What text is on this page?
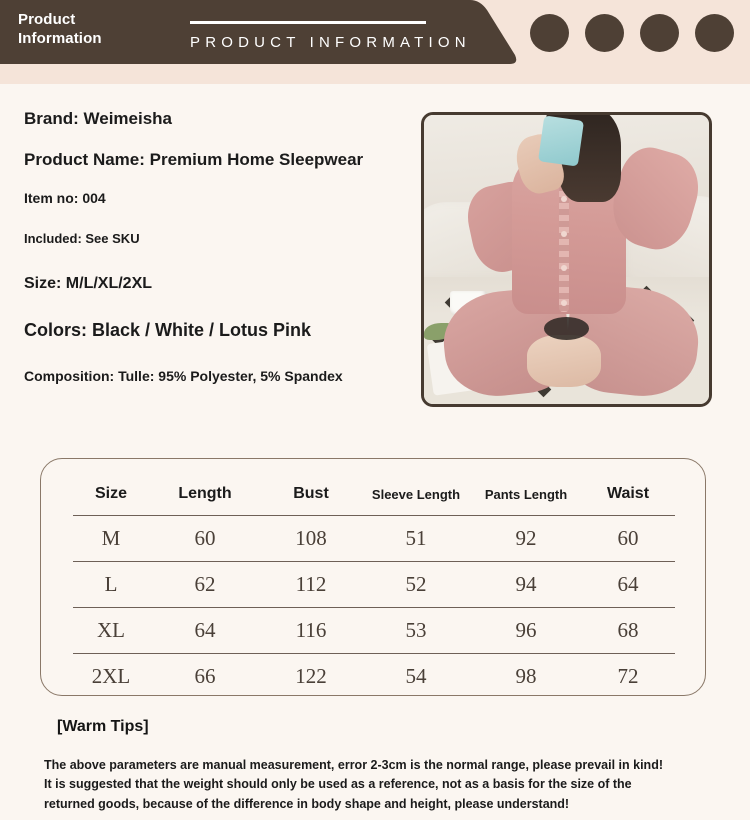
Product
Information	PRODUCT INFORMATION
Brand: Weimeisha
Product Name: Premium Home Sleepwear
Item no: 004
Included: See SKU
Size: M/L/XL/2XL
Colors: Black / White / Lotus Pink
Composition: Tulle: 95% Polyester, 5% Spandex
Size	Length	Bust	Sleeve Length	Pants Length	Waist
M	60	108	51	92	60
L	62	112	52	94	64
XL	64	116	53	96	68
2XL	66	122	54	98	72
[Warm Tips]
The above parameters are manual measurement, error 2-3cm is the normal range, please prevail in kind! It is suggested that the weight should only be used as a reference, not as a basis for the size of the returned goods, because of the difference in body shape and height, please understand!
